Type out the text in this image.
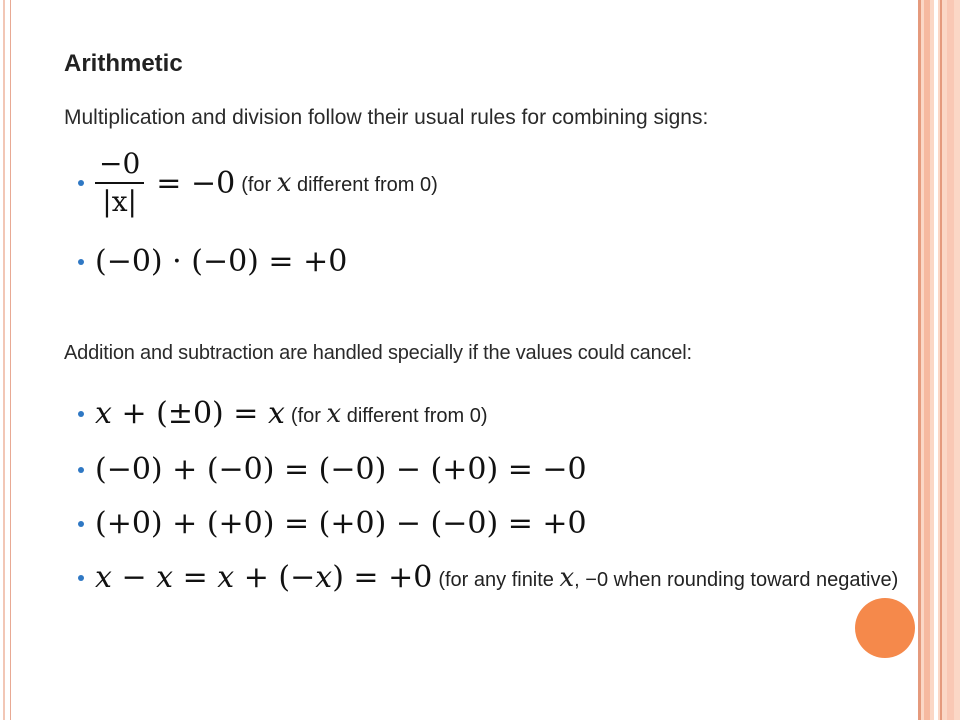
Arithmetic
Multiplication and division follow their usual rules for combining signs:
$\frac{-0}{|x|} = -0$ (for x different from 0)
(−0) · (−0) = +0
Addition and subtraction are handled specially if the values could cancel:
x + (±0) = x (for x different from 0)
(−0) + (−0) = (−0) − (+0) = −0
(+0) + (+0) = (+0) − (−0) = +0
x − x = x + (−x) = +0 (for any finite x, −0 when rounding toward negative)
